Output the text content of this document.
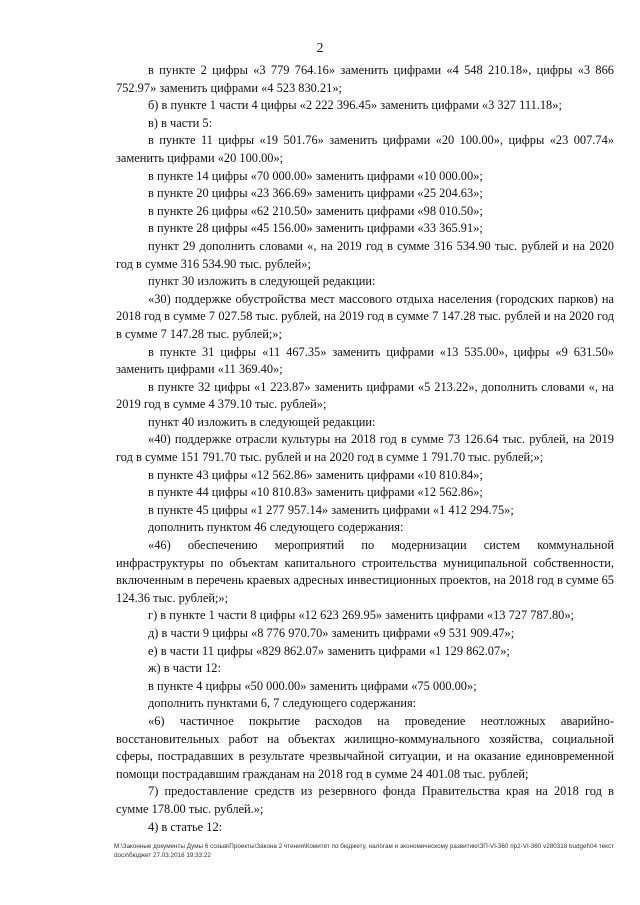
2

в пункте 2 цифры «3 779 764.16» заменить цифрами «4 548 210.18», цифры «3 866 752.97» заменить цифрами «4 523 830.21»;

б) в пункте 1 части 4 цифры «2 222 396.45» заменить цифрами «3 327 111.18»;

в) в части 5:

в пункте 11 цифры «19 501.76» заменить цифрами «20 100.00», цифры «23 007.74» заменить цифрами «20 100.00»;

в пункте 14 цифры «70 000.00» заменить цифрами «10 000.00»;

в пункте 20 цифры «23 366.69» заменить цифрами «25 204.63»;

в пункте 26 цифры «62 210.50» заменить цифрами «98 010.50»;

в пункте 28 цифры «45 156.00» заменить цифрами «33 365.91»;

пункт 29 дополнить словами «, на 2019 год в сумме 316 534.90 тыс. рублей и на 2020 год в сумме 316 534.90 тыс. рублей»;

пункт 30 изложить в следующей редакции:

«30) поддержке обустройства мест массового отдыха населения (городских парков) на 2018 год в сумме 7 027.58 тыс. рублей, на 2019 год в сумме 7 147.28 тыс. рублей и на 2020 год в сумме 7 147.28 тыс. рублей;»;

в пункте 31 цифры «11 467.35» заменить цифрами «13 535.00», цифры «9 631.50» заменить цифрами «11 369.40»;

в пункте 32 цифры «1 223.87» заменить цифрами «5 213.22», дополнить словами «, на 2019 год в сумме 4 379.10 тыс. рублей»;

пункт 40 изложить в следующей редакции:

«40) поддержке отрасли культуры на 2018 год в сумме 73 126.64 тыс. рублей, на 2019 год в сумме 151 791.70 тыс. рублей и на 2020 год в сумме 1 791.70 тыс. рублей;»;

в пункте 43 цифры «12 562.86» заменить цифрами «10 810.84»;

в пункте 44 цифры «10 810.83» заменить цифрами «12 562.86»;

в пункте 45 цифры «1 277 957.14» заменить цифрами «1 412 294.75»;

дополнить пунктом 46 следующего содержания:

«46) обеспечению мероприятий по модернизации систем коммунальной инфраструктуры по объектам капитального строительства муниципальной собственности, включенным в перечень краевых адресных инвестиционных проектов, на 2018 год в сумме 65 124.36 тыс. рублей;»;

г) в пункте 1 части 8 цифры «12 623 269.95» заменить цифрами «13 727 787.80»;

д) в части 9 цифры «8 776 970.70» заменить цифрами «9 531 909.47»;

е) в части 11 цифры «829 862.07» заменить цифрами «1 129 862.07»;

ж) в части 12:

в пункте 4 цифры «50 000.00» заменить цифрами «75 000.00»;

дополнить пунктами 6, 7 следующего содержания:

«6) частичное покрытие расходов на проведение неотложных аварийно-восстановительных работ на объектах жилищно-коммунального хозяйства, социальной сферы, пострадавших в результате чрезвычайной ситуации, и на оказание единовременной помощи пострадавшим гражданам на 2018 год в сумме 24 401.08 тыс. рублей;

7) предоставление средств из резервного фонда Правительства края на 2018 год в сумме 178.00 тыс. рублей.»;

4) в статье 12:

М:\Законные документы Думы 6 созыв\Проекты\Закона 2 чтения\Комитет по бюджету, налогам и экономическому развитию\ЗП-VI-360 пр2-VI-360 v280318 budget\04 текст docx\бюджет 27.03.2018 19:33:22
